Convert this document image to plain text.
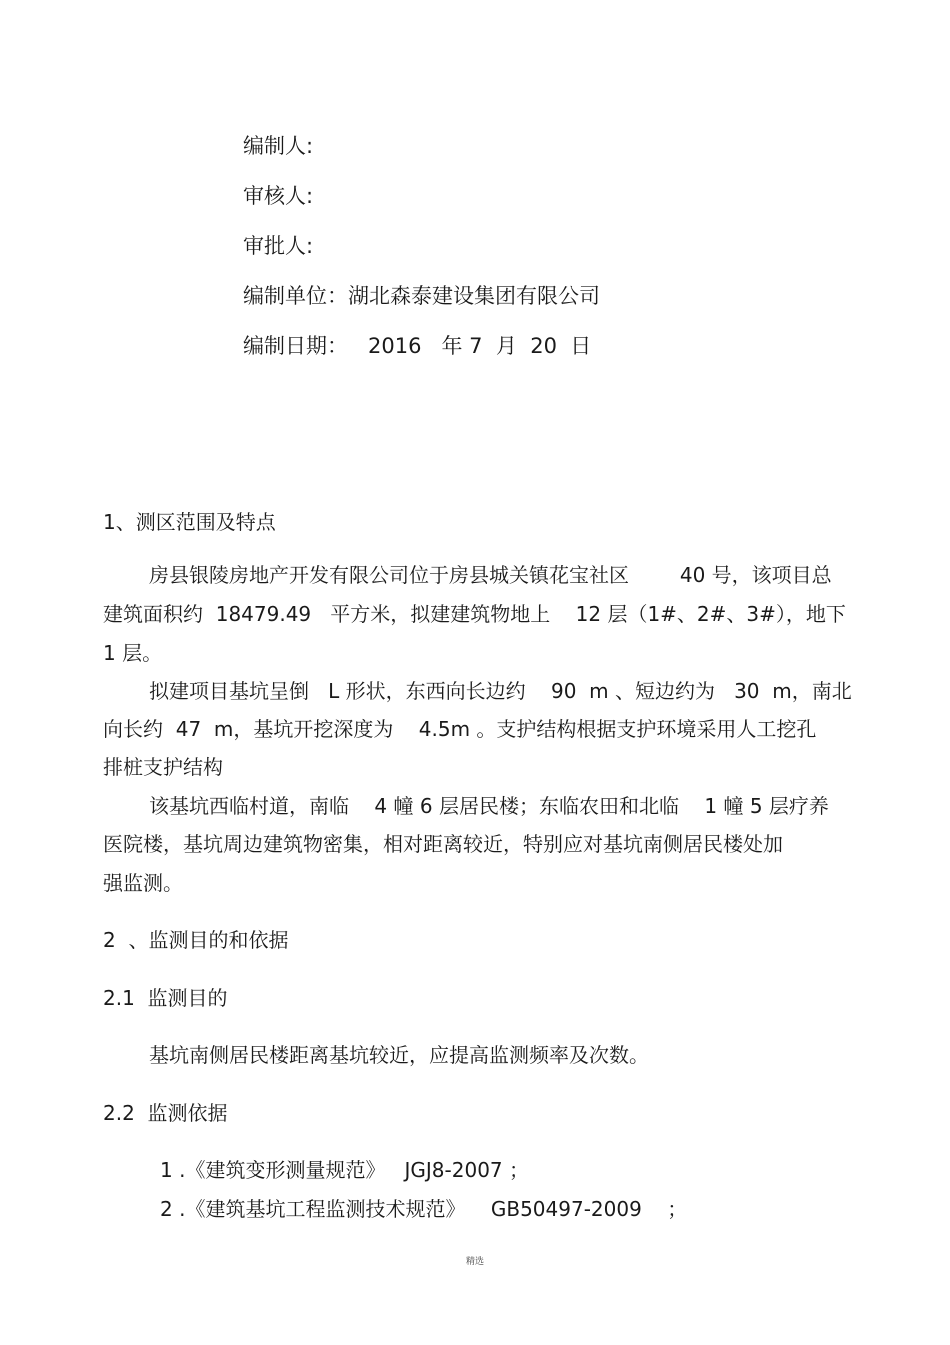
编制人:
审核人:
审批人:
编制单位：湖北森泰建设集团有限公司
编制日期：   2016   年 7  月  20  日
1、测区范围及特点
房县银陵房地产开发有限公司位于房县城关镇花宝社区        40 号，该项目总
建筑面积约  18479.49   平方米，拟建建筑物地上    12 层（1#、2#、3#），地下
1 层。
拟建项目基坑呈倒   L 形状，东西向长边约    90  m 、短边约为   30  m，南北
向长约  47  m，基坑开挖深度为    4.5m 。支护结构根据支护环境采用人工挖孔
排桩支护结构
该基坑西临村道，南临    4 幢 6 层居民楼；东临农田和北临    1 幢 5 层疗养
医院楼，基坑周边建筑物密集，相对距离较近，特别应对基坑南侧居民楼处加
强监测。
2  、监测目的和依据
2.1  监测目的
基坑南侧居民楼距离基坑较近，应提高监测频率及次数。
2.2  监测依据
1 .《建筑变形测量规范》   JGJ8-2007 ；
2 .《建筑基坑工程监测技术规范》    GB50497-2009    ；
精选
